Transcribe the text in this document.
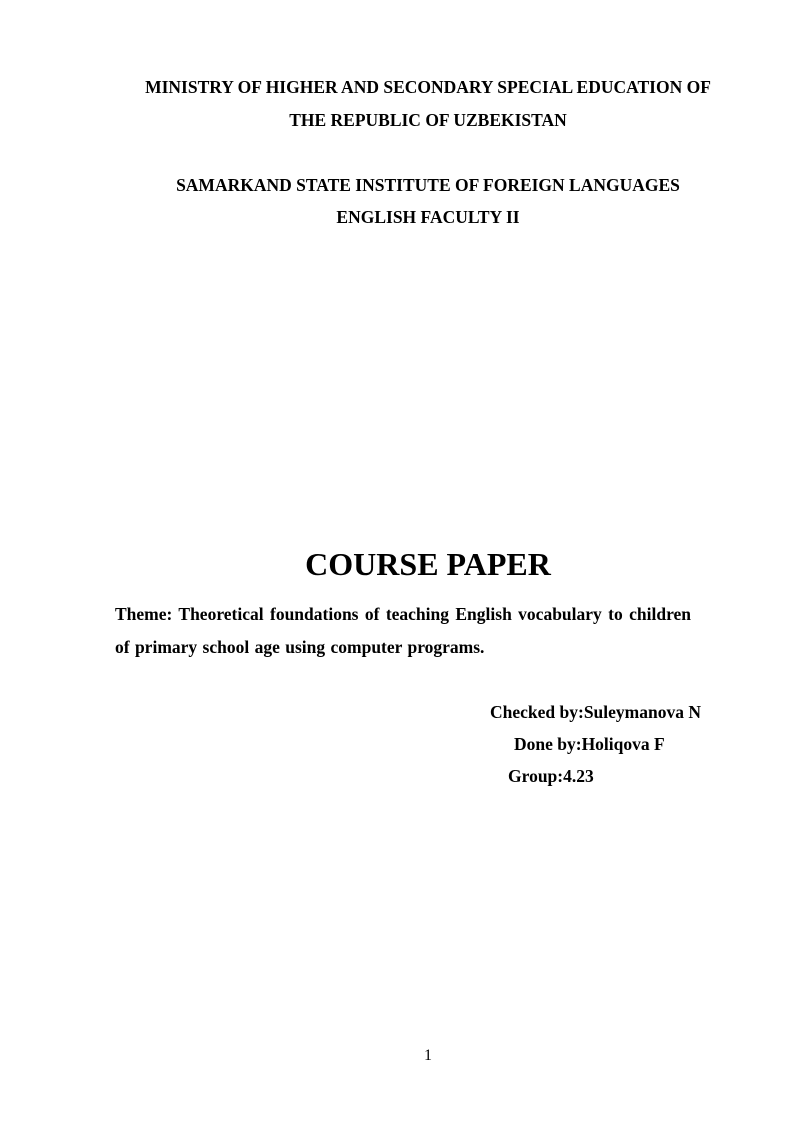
MINISTRY OF HIGHER AND SECONDARY SPECIAL EDUCATION OF
THE REPUBLIC OF UZBEKISTAN
SAMARKAND STATE INSTITUTE OF FOREIGN LANGUAGES
ENGLISH FACULTY II
COURSE PAPER
Theme: Theoretical foundations of teaching English vocabulary to children
of primary school age using computer programs.
Checked by:Suleymanova N
Done by:Holiqova F
Group:4.23
1
